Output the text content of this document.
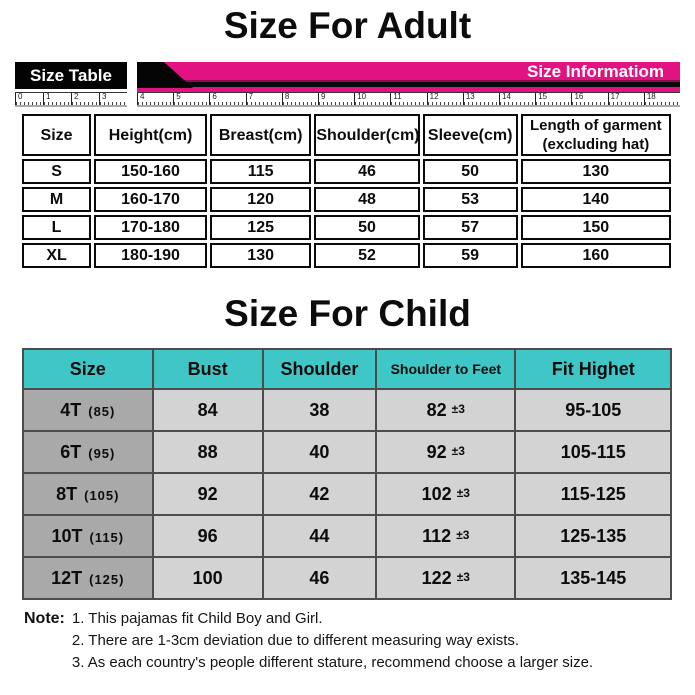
Size For Adult
Size Table	Size Informatiom
0	1	2	3	4	5	6	7	8	9	10	11	12	13	14	15	16	17	18
Size	Height(cm)	Breast(cm)	Shoulder(cm)	Sleeve(cm)	Length of garment (excluding hat)
S	150-160	115	46	50	130
M	160-170	120	48	53	140
L	170-180	125	50	57	150
XL	180-190	130	52	59	160
Size For Child
Size	Bust	Shoulder	Shoulder to Feet	Fit Highet
4T (85)	84	38	82 ±3	95-105
6T (95)	88	40	92 ±3	105-115
8T (105)	92	42	102 ±3	115-125
10T (115)	96	44	112 ±3	125-135
12T (125)	100	46	122 ±3	135-145
Note: 1. This pajamas fit Child Boy and Girl.
2. There are 1-3cm deviation due to different measuring way exists.
3. As each country's people different stature, recommend choose a larger size.
